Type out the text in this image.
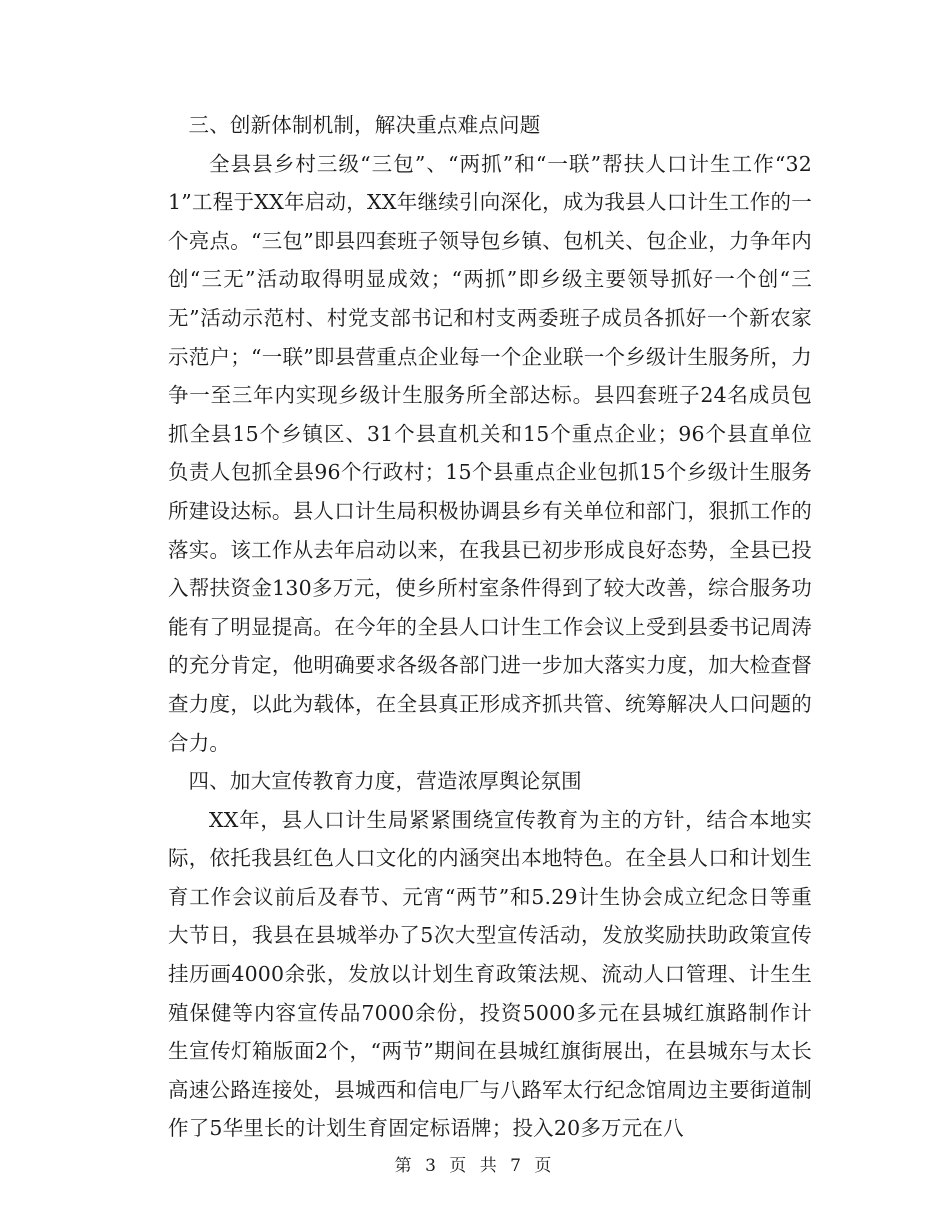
三、创新体制机制，解决重点难点问题

全县县乡村三级“三包”、“两抓”和“一联”帮扶人口计生工作“321”工程于XX年启动，XX年继续引向深化，成为我县人口计生工作的一个亮点。“三包”即县四套班子领导包乡镇、包机关、包企业，力争年内创“三无”活动取得明显成效；“两抓”即乡级主要领导抓好一个创“三无”活动示范村、村党支部书记和村支两委班子成员各抓好一个新农家示范户；“一联”即县营重点企业每一个企业联一个乡级计生服务所，力争一至三年内实现乡级计生服务所全部达标。县四套班子24名成员包抓全县15个乡镇区、31个县直机关和15个重点企业；96个县直单位负责人包抓全县96个行政村；15个县重点企业包抓15个乡级计生服务所建设达标。县人口计生局积极协调县乡有关单位和部门，狠抓工作的落实。该工作从去年启动以来，在我县已初步形成良好态势，全县已投入帮扶资金130多万元，使乡所村室条件得到了较大改善，综合服务功能有了明显提高。在今年的全县人口计生工作会议上受到县委书记周涛的充分肯定，他明确要求各级各部门进一步加大落实力度，加大检查督查力度，以此为载体，在全县真正形成齐抓共管、统筹解决人口问题的合力。

四、加大宣传教育力度，营造浓厚舆论氛围

XX年，县人口计生局紧紧围绕宣传教育为主的方针，结合本地实际，依托我县红色人口文化的内涵突出本地特色。在全县人口和计划生育工作会议前后及春节、元宵“两节”和5.29计生协会成立纪念日等重大节日，我县在县城举办了5次大型宣传活动，发放奖励扶助政策宣传挂历画4000余张，发放以计划生育政策法规、流动人口管理、计生生殖保健等内容宣传品7000余份，投资5000多元在县城红旗路制作计生宣传灯箱版面2个，“两节”期间在县城红旗街展出，在县城东与太长高速公路连接处，县城西和信电厂与八路军太行纪念馆周边主要街道制作了5华里长的计划生育固定标语牌；投入20多万元在八

第 3 页 共 7 页
